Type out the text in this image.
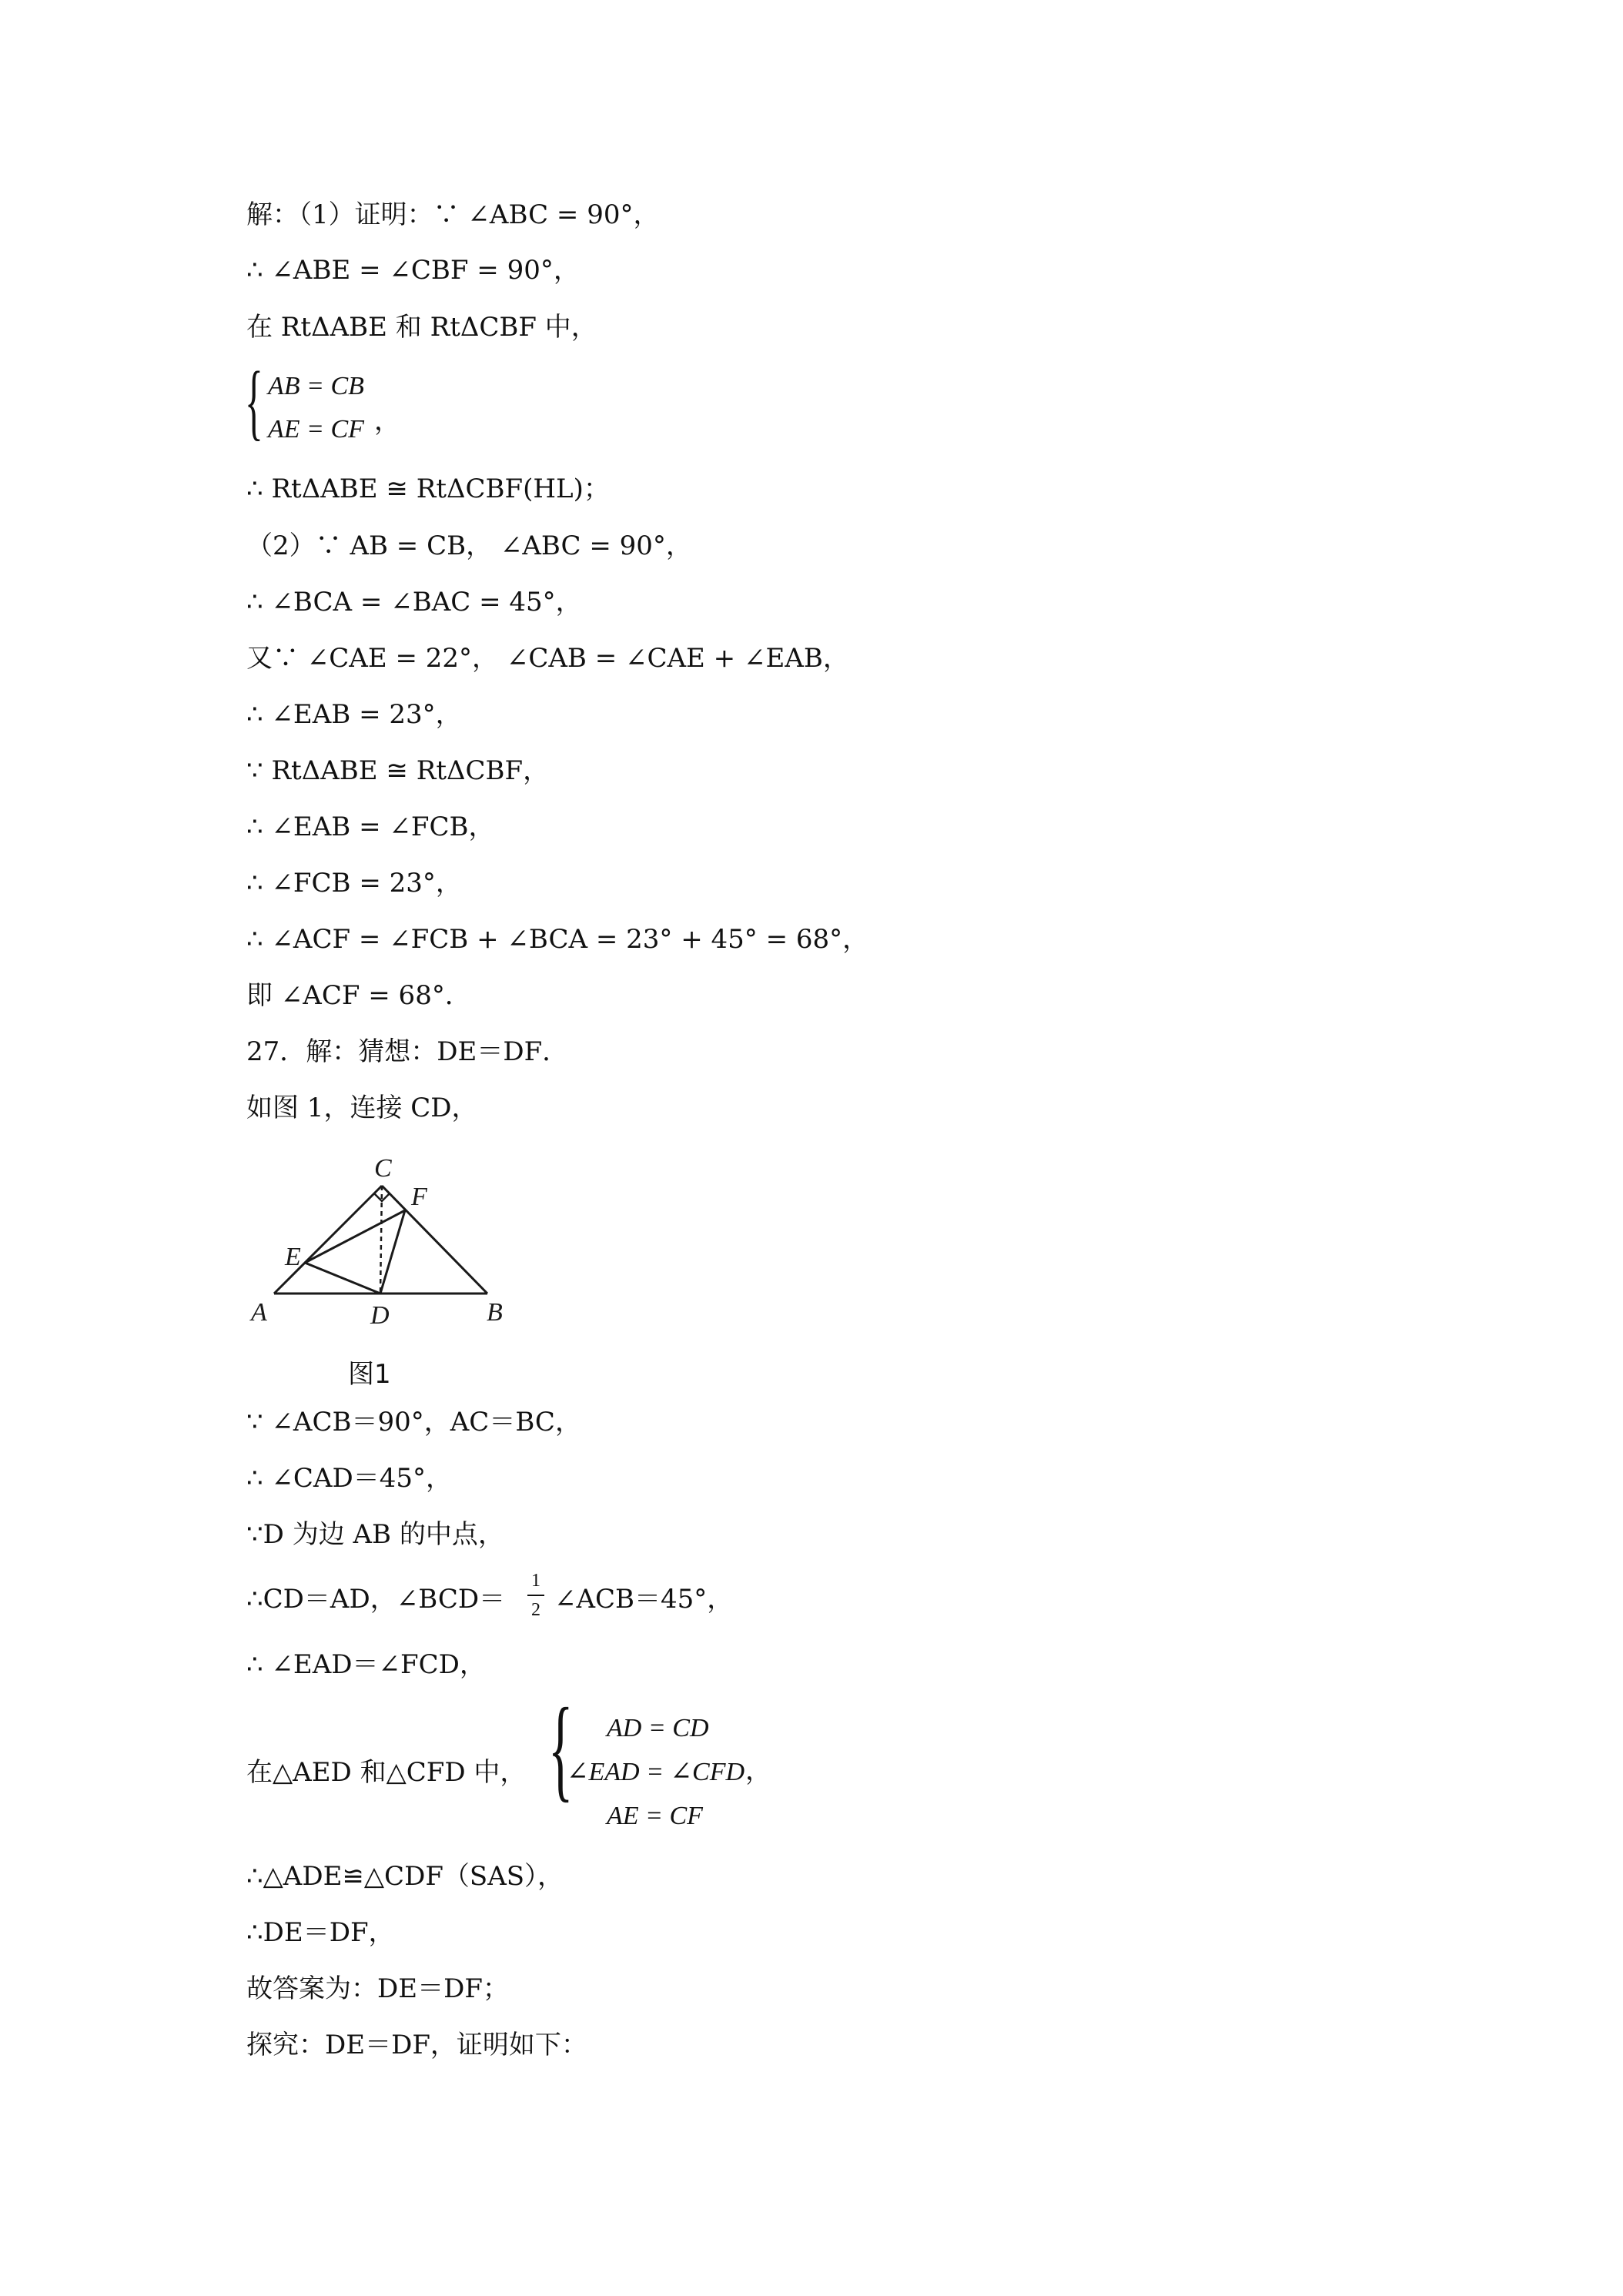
解：（1）证明：∵ ∠ABC = 90°，
∴ ∠ABE = ∠CBF = 90°，
在 RtΔABE 和 RtΔCBF 中，
{ AB = CB
AE = CF ，
∴ RtΔABE ≅ RtΔCBF(HL)；
（2）∵ AB = CB， ∠ABC = 90°，
∴ ∠BCA = ∠BAC = 45°，
又∵ ∠CAE = 22°， ∠CAB = ∠CAE + ∠EAB，
∴ ∠EAB = 23°，
∵ RtΔABE ≅ RtΔCBF，
∴ ∠EAB = ∠FCB，
∴ ∠FCB = 23°，
∴ ∠ACF = ∠FCB + ∠BCA = 23° + 45° = 68°，
即 ∠ACF = 68°．
27．解：猜想：DE＝DF．
如图 1，连接 CD，
C
F
E
A	D	B
图1
∵ ∠ACB＝90°，AC＝BC，
∴ ∠CAD＝45°，
∵D 为边 AB 的中点，
∴CD＝AD，∠BCD＝
1
2 ∠ACB＝45°，
∴ ∠EAD＝∠FCD，
在△AED 和△CFD 中， { AD = CD
∠EAD = ∠CFD
AE = CF
，
∴△ADE≌△CDF（SAS），
∴DE＝DF，
故答案为：DE＝DF；
探究：DE＝DF，证明如下：
